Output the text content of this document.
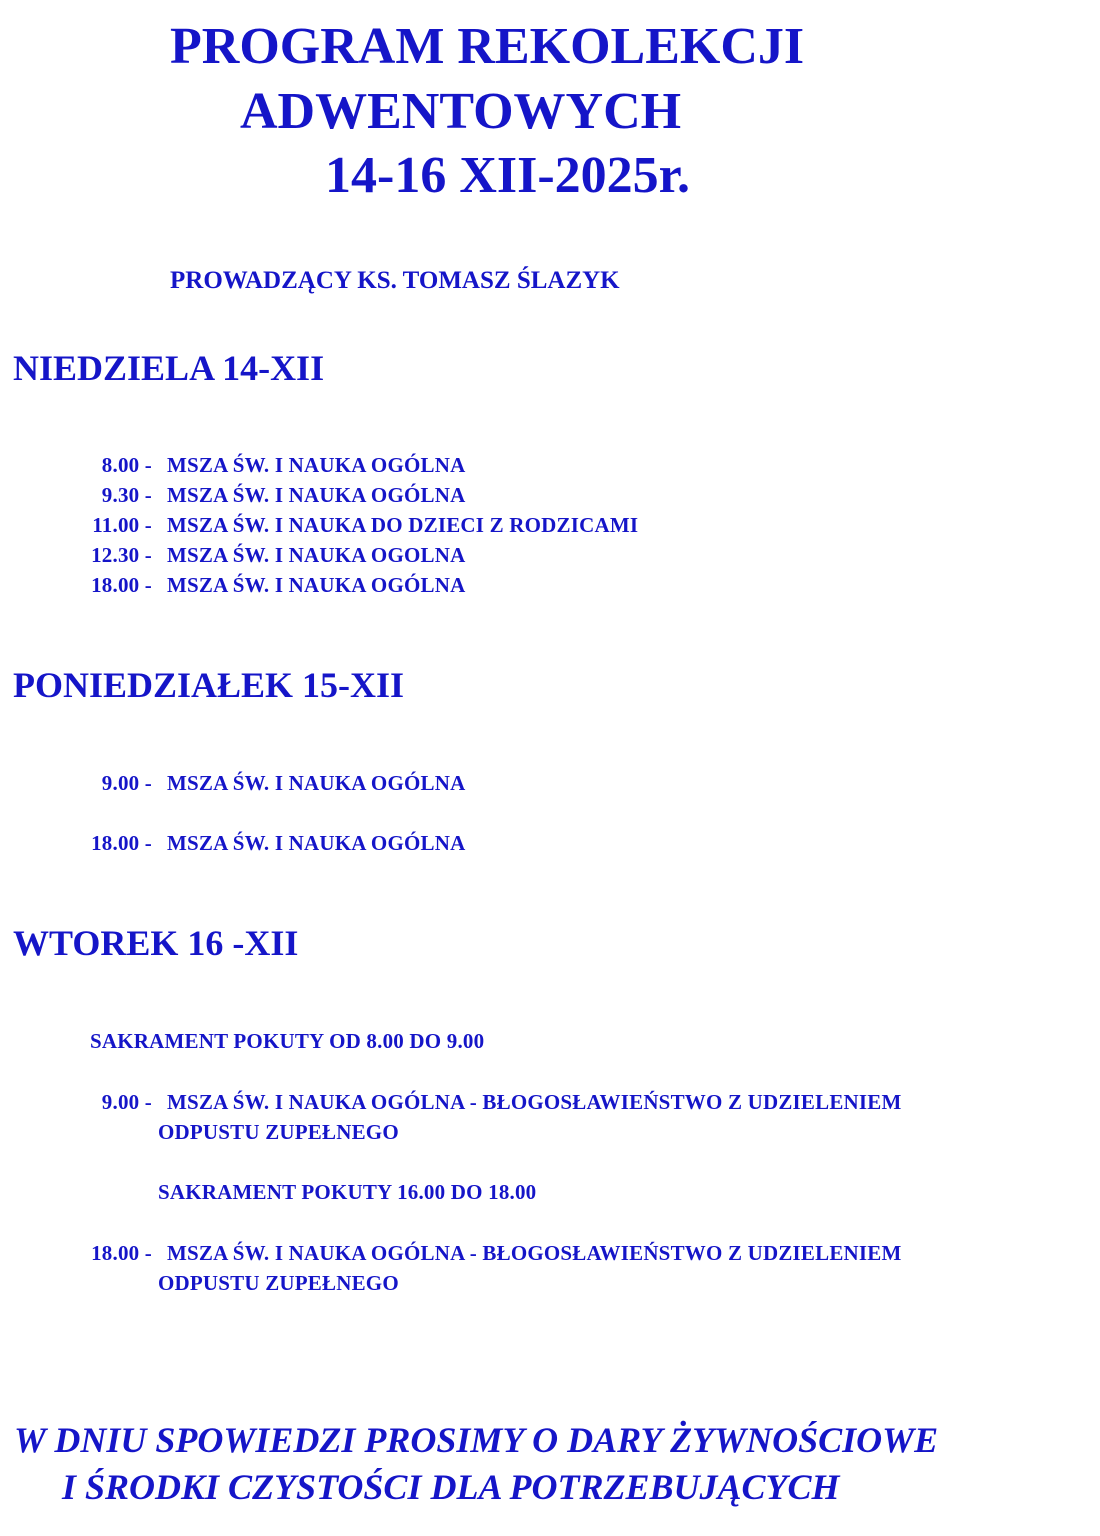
PROGRAM REKOLEKCJI
ADWENTOWYCH
14-16 XII-2025r.
PROWADZĄCY KS. TOMASZ ŚLAZYK
NIEDZIELA 14-XII
8.00 - MSZA ŚW. I NAUKA OGÓLNA
9.30 - MSZA ŚW. I NAUKA OGÓLNA
11.00 - MSZA ŚW. I NAUKA DO DZIECI Z RODZICAMI
12.30 - MSZA ŚW. I NAUKA OGOLNA
18.00 - MSZA ŚW. I NAUKA OGÓLNA
PONIEDZIAŁEK 15-XII
9.00 - MSZA ŚW. I NAUKA OGÓLNA
18.00 - MSZA ŚW. I NAUKA OGÓLNA
WTOREK 16 -XII
SAKRAMENT POKUTY OD 8.00 DO 9.00
9.00 - MSZA ŚW. I NAUKA OGÓLNA - BŁOGOSŁAWIEŃSTWO Z UDZIELENIEM
ODPUSTU ZUPEŁNEGO
SAKRAMENT POKUTY 16.00 DO 18.00
18.00 - MSZA ŚW. I NAUKA OGÓLNA - BŁOGOSŁAWIEŃSTWO Z UDZIELENIEM
ODPUSTU ZUPEŁNEGO
W DNIU SPOWIEDZI PROSIMY O DARY ŻYWNOŚCIOWE
I ŚRODKI CZYSTOŚCI DLA POTRZEBUJĄCYCH
